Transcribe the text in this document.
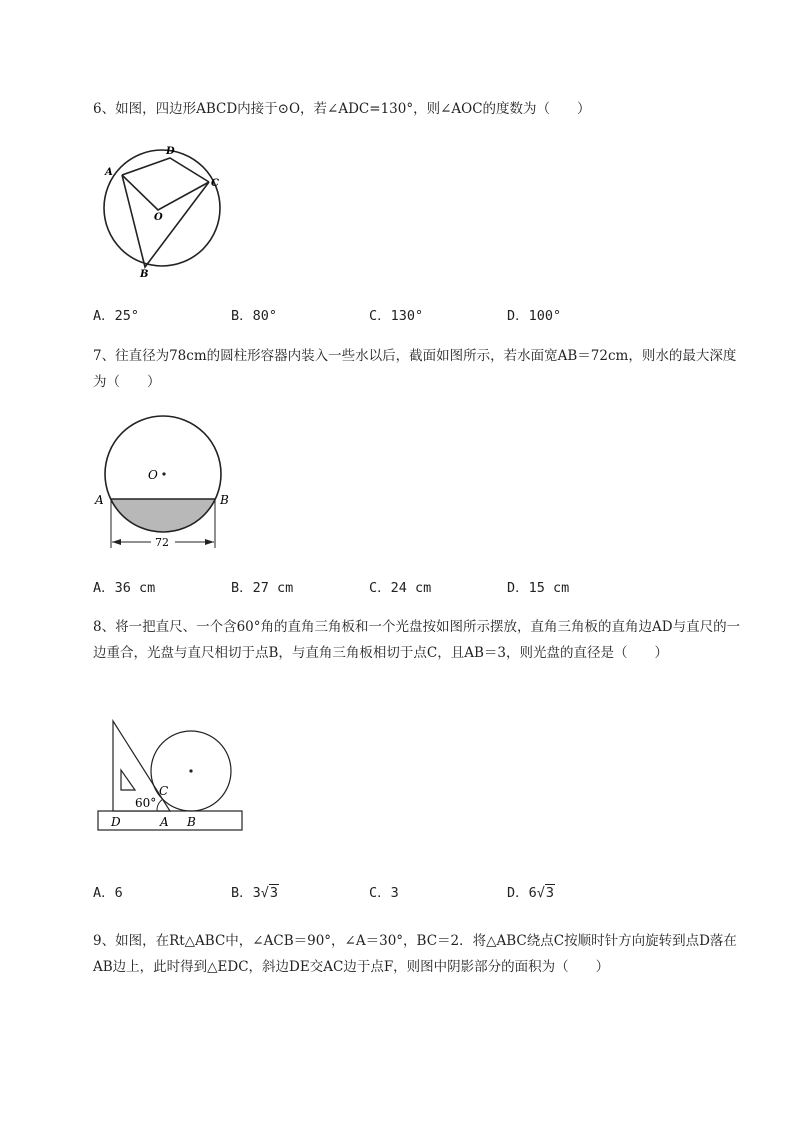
6、如图，四边形ABCD内接于⊙O，若∠ADC=130°，则∠AOC的度数为（　　）
A
D
C
B
O
A．25°	B．80°	C．130°	D．100°
7、往直径为78cm的圆柱形容器内装入一些水以后，截面如图所示，若水面宽AB＝72cm，则水的最大深度为（　　）
O
A	B
72
A．36 cm	B．27 cm	C．24 cm	D．15 cm
8、将一把直尺、一个含60°角的直角三角板和一个光盘按如图所示摆放，直角三角板的直角边AD与直尺的一边重合，光盘与直尺相切于点B，与直角三角板相切于点C，且AB＝3，则光盘的直径是（　　）
60°
C
D	A B
A．6	B．3√3	C．3	D．6√3
9、如图，在Rt△ABC中，∠ACB＝90°，∠A＝30°，BC＝2．将△ABC绕点C按顺时针方向旋转到点D落在AB边上，此时得到△EDC，斜边DE交AC边于点F，则图中阴影部分的面积为（　　）
